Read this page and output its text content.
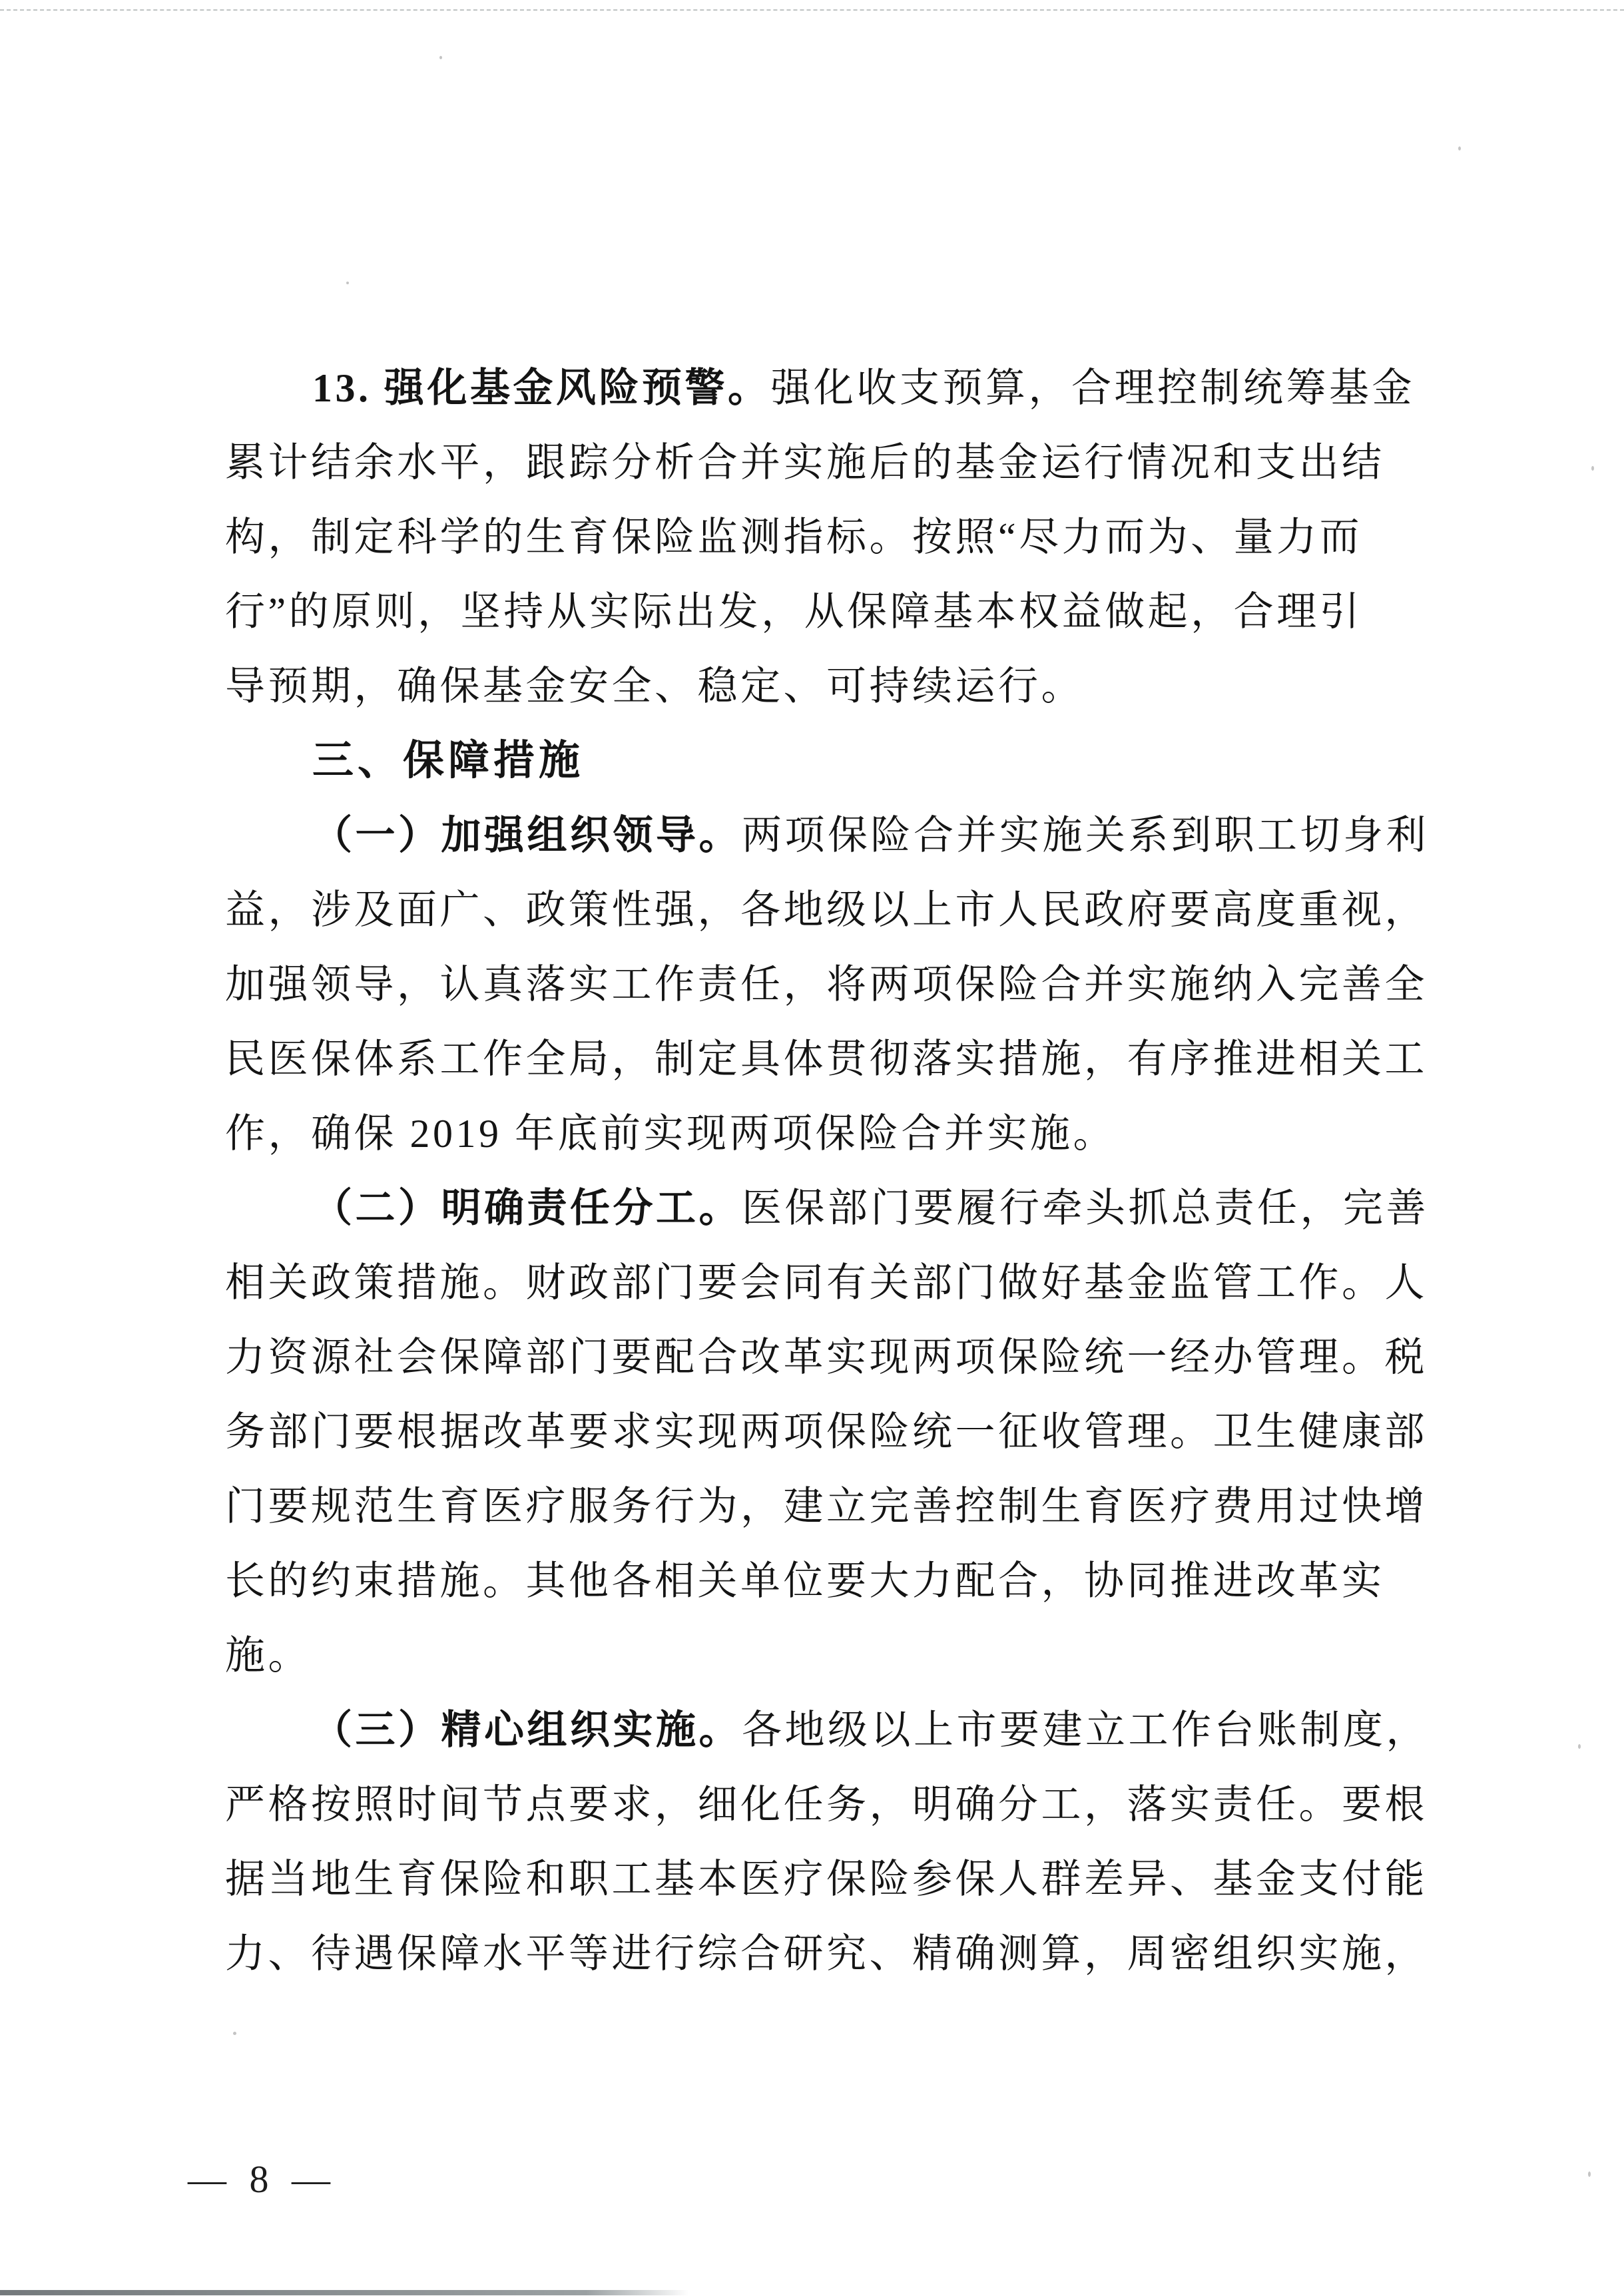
13. 强化基金风险预警。强化收支预算，合理控制统筹基金
累计结余水平，跟踪分析合并实施后的基金运行情况和支出结
构，制定科学的生育保险监测指标。按照“尽力而为、量力而
行”的原则，坚持从实际出发，从保障基本权益做起，合理引
导预期，确保基金安全、稳定、可持续运行。
三、保障措施
（一）加强组织领导。两项保险合并实施关系到职工切身利
益，涉及面广、政策性强，各地级以上市人民政府要高度重视，
加强领导，认真落实工作责任，将两项保险合并实施纳入完善全
民医保体系工作全局，制定具体贯彻落实措施，有序推进相关工
作，确保 2019 年底前实现两项保险合并实施。
（二）明确责任分工。医保部门要履行牵头抓总责任，完善
相关政策措施。财政部门要会同有关部门做好基金监管工作。人
力资源社会保障部门要配合改革实现两项保险统一经办管理。税
务部门要根据改革要求实现两项保险统一征收管理。卫生健康部
门要规范生育医疗服务行为，建立完善控制生育医疗费用过快增
长的约束措施。其他各相关单位要大力配合，协同推进改革实
施。
（三）精心组织实施。各地级以上市要建立工作台账制度，
严格按照时间节点要求，细化任务，明确分工，落实责任。要根
据当地生育保险和职工基本医疗保险参保人群差异、基金支付能
力、待遇保障水平等进行综合研究、精确测算，周密组织实施，
— 8 —
